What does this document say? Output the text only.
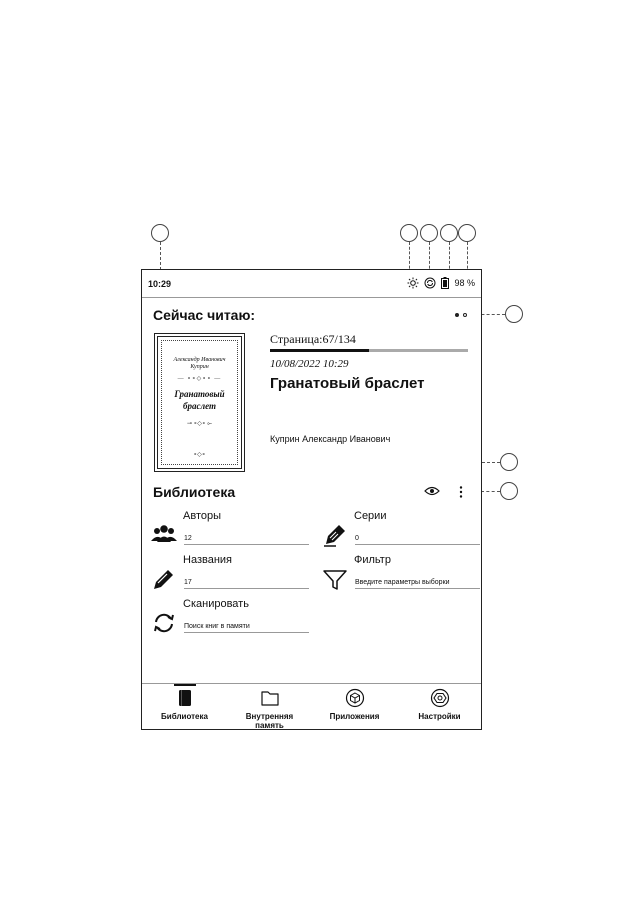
10:29	98 %
Сейчас читаю:
Александр Иванович Куприн
— ∘∘◇∘∘ —
Гранатовый браслет
⊸ ∘◇∘ ⟜
∘◇∘
Страница:67/134
10/08/2022 10:29
Гранатовый браслет
Куприн Александр Иванович
Библиотека
Авторы
12
Серии
0
Названия
17
Фильтр
Введите параметры выборки
Сканировать
Поиск книг в памяти
Библиотека	Внутренняя память
Приложения	Настройки
